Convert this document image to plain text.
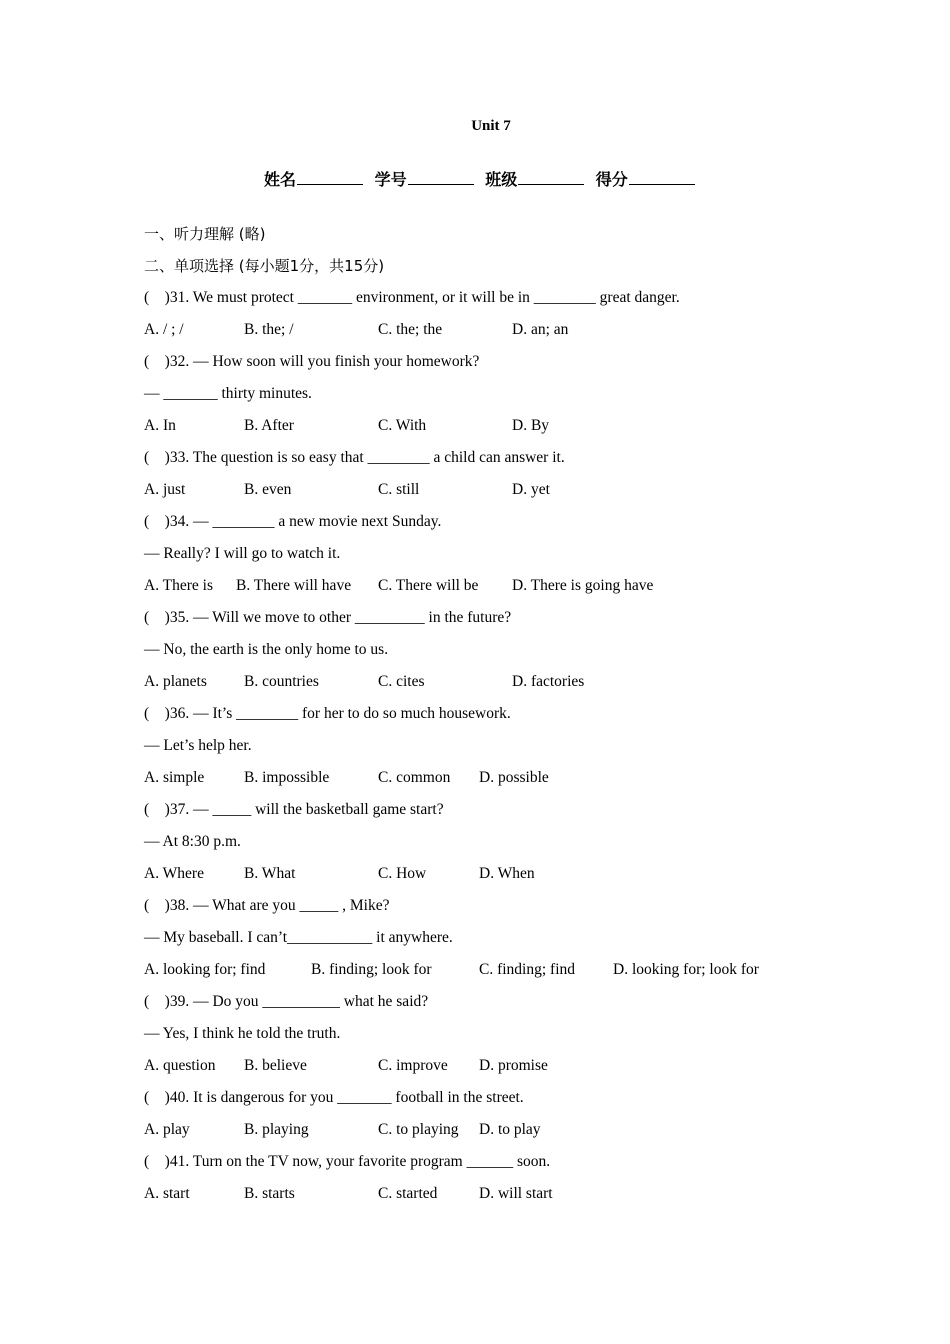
Unit 7
姓名	学号	班级	得分
一、听力理解 (略)
二、单项选择 (每小题1分，共15分)
(    )31. We must protect _______ environment, or it will be in ________ great danger.
A. / ; /	B. the; /	C. the; the	D. an; an
(    )32. — How soon will you finish your homework?
— _______ thirty minutes.
A. In	B. After	C. With	D. By
(    )33. The question is so easy that ________ a child can answer it.
A. just	B. even	C. still	D. yet
(    )34. — ________ a new movie next Sunday.
— Really? I will go to watch it.
A. There is B. There will have C. There will be D. There is going have
(    )35. — Will we move to other _________ in the future?
— No, the earth is the only home to us.
A. planets B. countries	C. cites	D. factories
(    )36. — It’s ________ for her to do so much housework.
— Let’s help her.
A. simple	B. impossible	C. common D. possible
(    )37. — _____ will the basketball game start?
— At 8:30 p.m.
A. Where	B. What	C. How	D. When
(    )38. — What are you _____ , Mike?
— My baseball. I can’t___________ it anywhere.
A. looking for; find	B. finding; look for	C. finding; find D. looking for; look for
(    )39. — Do you __________ what he said?
— Yes, I think he told the truth.
A. question B. believe	C. improve D. promise
(    )40. It is dangerous for you _______ football in the street.
A. play	B. playing	C. to playing D. to play
(    )41. Turn on the TV now, your favorite program ______ soon.
A. start	B. starts	C. started	D. will start
